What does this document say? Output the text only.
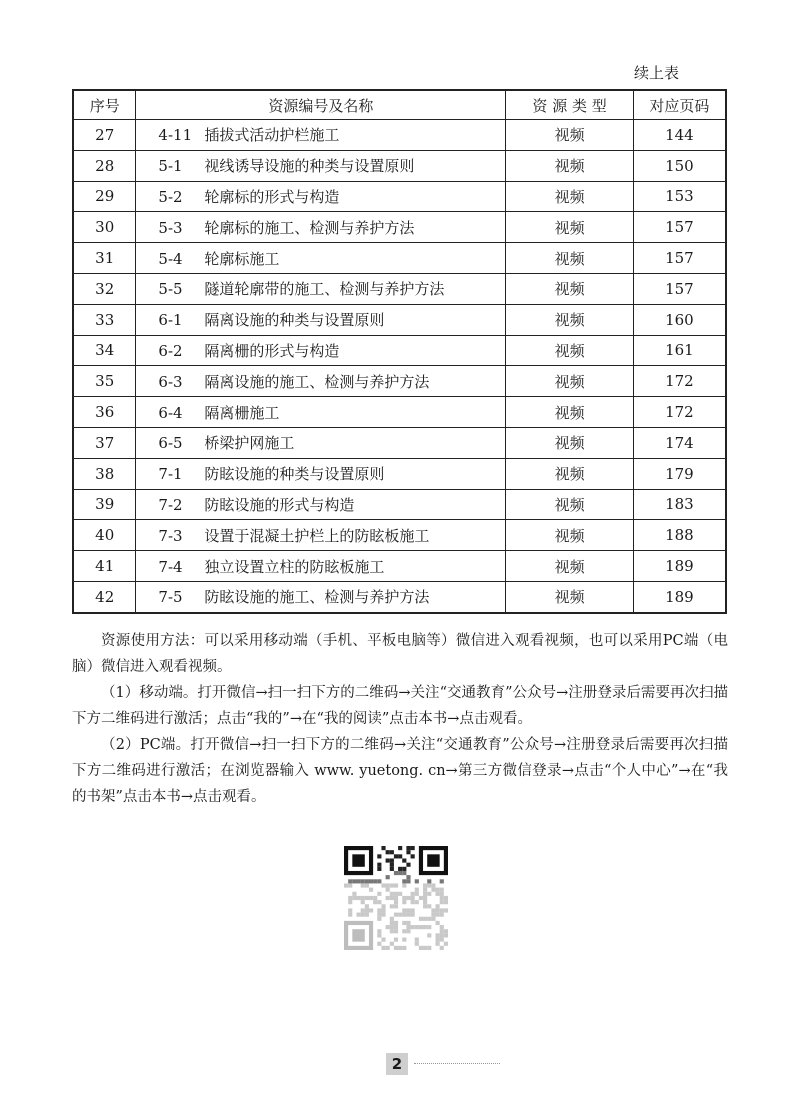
续上表
序号	资源编号及名称	资 源 类 型	对应页码
27	4-11 插拔式活动护栏施工	视频	144
28	5-1 视线诱导设施的种类与设置原则	视频	150
29	5-2 轮廓标的形式与构造	视频	153
30	5-3 轮廓标的施工、检测与养护方法	视频	157
31	5-4 轮廓标施工	视频	157
32	5-5 隧道轮廓带的施工、检测与养护方法	视频	157
33	6-1 隔离设施的种类与设置原则	视频	160
34	6-2 隔离栅的形式与构造	视频	161
35	6-3 隔离设施的施工、检测与养护方法	视频	172
36	6-4 隔离栅施工	视频	172
37	6-5 桥梁护网施工	视频	174
38	7-1 防眩设施的种类与设置原则	视频	179
39	7-2 防眩设施的形式与构造	视频	183
40	7-3 设置于混凝土护栏上的防眩板施工	视频	188
41	7-4 独立设置立柱的防眩板施工	视频	189
42	7-5 防眩设施的施工、检测与养护方法	视频	189

资源使用方法：可以采用移动端（手机、平板电脑等）微信进入观看视频，也可以采用PC端（电脑）微信进入观看视频。

（1）移动端。打开微信→扫一扫下方的二维码→关注“交通教育”公众号→注册登录后需要再次扫描下方二维码进行激活；点击“我的”→在“我的阅读”点击本书→点击观看。

（2）PC端。打开微信→扫一扫下方的二维码→关注“交通教育”公众号→注册登录后需要再次扫描下方二维码进行激活；在浏览器输入 www. yuetong. cn→第三方微信登录→点击“个人中心”→在“我的书架”点击本书→点击观看。

2
